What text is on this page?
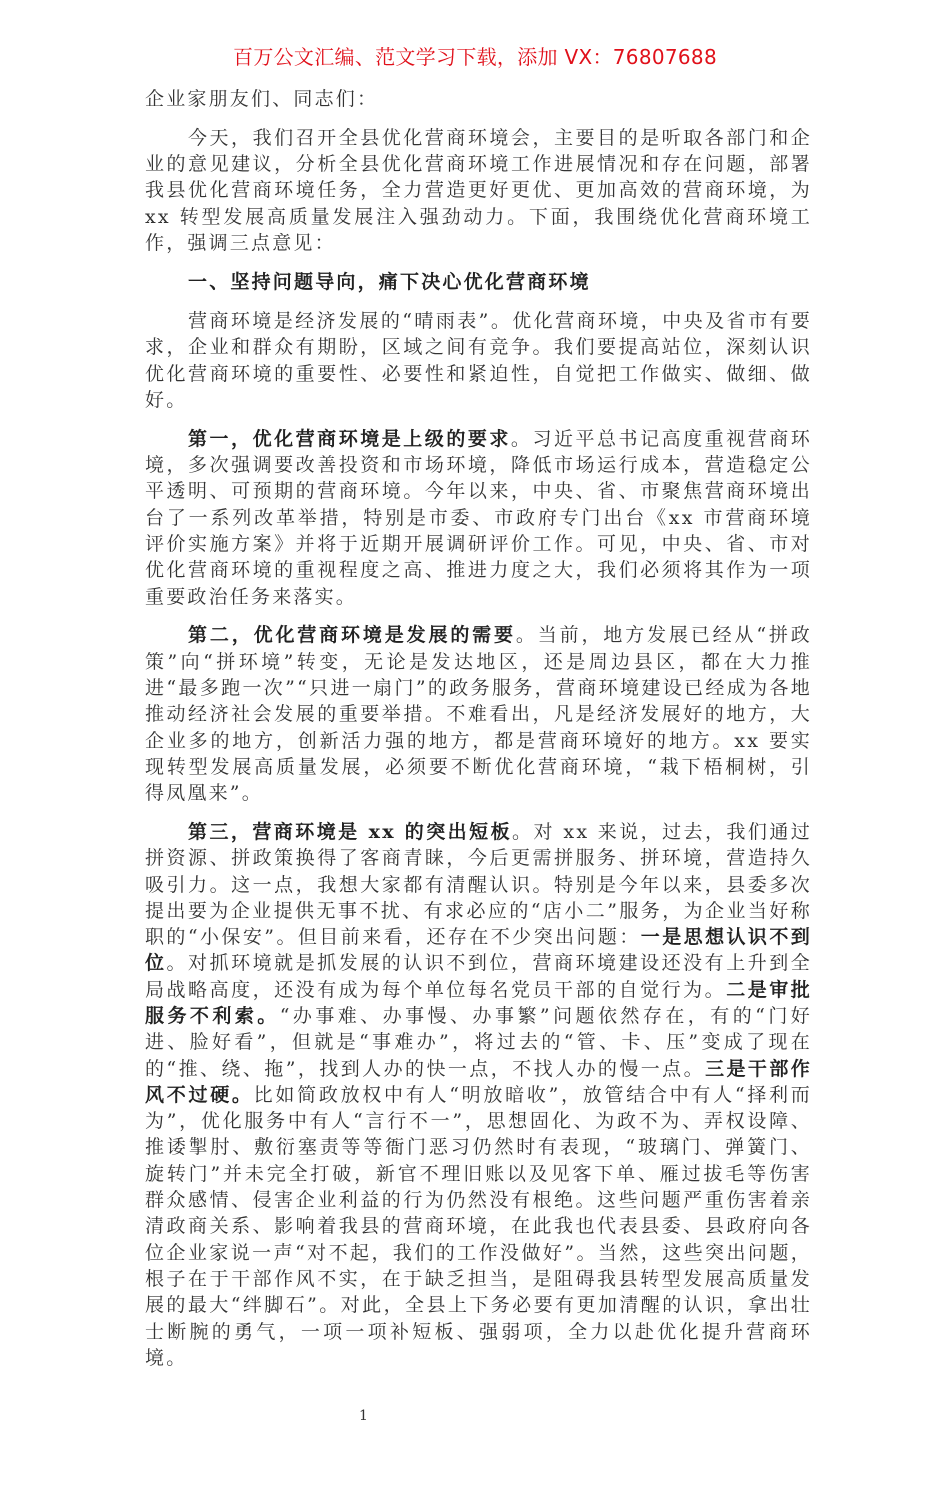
百万公文汇编、范文学习下载，添加 VX：76807688

企业家朋友们、同志们：

今天，我们召开全县优化营商环境会，主要目的是听取各部门和企业的意见建议，分析全县优化营商环境工作进展情况和存在问题，部署我县优化营商环境任务，全力营造更好更优、更加高效的营商环境，为 xx 转型发展高质量发展注入强劲动力。下面，我围绕优化营商环境工作，强调三点意见：

一、坚持问题导向，痛下决心优化营商环境

营商环境是经济发展的“晴雨表”。优化营商环境，中央及省市有要求，企业和群众有期盼，区域之间有竞争。我们要提高站位，深刻认识优化营商环境的重要性、必要性和紧迫性，自觉把工作做实、做细、做好。

第一，优化营商环境是上级的要求。习近平总书记高度重视营商环境，多次强调要改善投资和市场环境，降低市场运行成本，营造稳定公平透明、可预期的营商环境。今年以来，中央、省、市聚焦营商环境出台了一系列改革举措，特别是市委、市政府专门出台《xx 市营商环境评价实施方案》并将于近期开展调研评价工作。可见，中央、省、市对优化营商环境的重视程度之高、推进力度之大，我们必须将其作为一项重要政治任务来落实。

第二，优化营商环境是发展的需要。当前，地方发展已经从“拼政策”向“拼环境”转变，无论是发达地区，还是周边县区，都在大力推进“最多跑一次”“只进一扇门”的政务服务，营商环境建设已经成为各地推动经济社会发展的重要举措。不难看出，凡是经济发展好的地方，大企业多的地方，创新活力强的地方，都是营商环境好的地方。xx 要实现转型发展高质量发展，必须要不断优化营商环境，“栽下梧桐树，引得凤凰来”。

第三，营商环境是 xx 的突出短板。对 xx 来说，过去，我们通过拼资源、拼政策换得了客商青睐，今后更需拼服务、拼环境，营造持久吸引力。这一点，我想大家都有清醒认识。特别是今年以来，县委多次提出要为企业提供无事不扰、有求必应的“店小二”服务，为企业当好称职的“小保安”。但目前来看，还存在不少突出问题：一是思想认识不到位。对抓环境就是抓发展的认识不到位，营商环境建设还没有上升到全局战略高度，还没有成为每个单位每名党员干部的自觉行为。二是审批服务不利索。“办事难、办事慢、办事繁”问题依然存在，有的“门好进、脸好看”，但就是“事难办”，将过去的“管、卡、压”变成了现在的“推、绕、拖”，找到人办的快一点，不找人办的慢一点。三是干部作风不过硬。比如简政放权中有人“明放暗收”，放管结合中有人“择利而为”，优化服务中有人“言行不一”，思想固化、为政不为、弄权设障、推诿掣肘、敷衍塞责等等衙门恶习仍然时有表现，“玻璃门、弹簧门、旋转门”并未完全打破，新官不理旧账以及见客下单、雁过拔毛等伤害群众感情、侵害企业利益的行为仍然没有根绝。这些问题严重伤害着亲清政商关系、影响着我县的营商环境，在此我也代表县委、县政府向各位企业家说一声“对不起，我们的工作没做好”。当然，这些突出问题，根子在于干部作风不实，在于缺乏担当，是阻碍我县转型发展高质量发展的最大“绊脚石”。对此，全县上下务必要有更加清醒的认识，拿出壮士断腕的勇气，一项一项补短板、强弱项，全力以赴优化提升营商环境。

1
